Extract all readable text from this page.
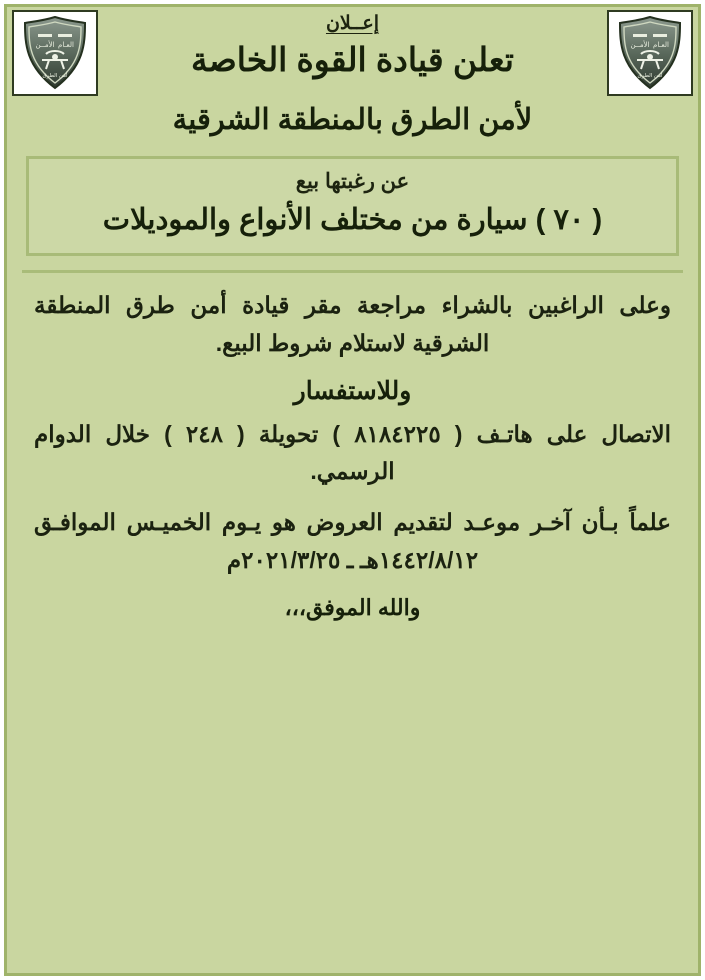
الأمــن العـام
أمن الطرق
إعــلان
تعلن قيادة القوة الخاصة
الأمــن العـام
أمن الطرق
لأمن الطرق بالمنطقة الشرقية
عن رغبتها بيع
( ٧٠ ) سيارة من مختلف الأنواع والموديلات

وعلى الراغبين بالشراء مراجعة مقر قيادة أمن طرق المنطقة الشرقية لاستلام شروط البيع.

وللاستفسار

الاتصال على هاتـف ( ٨١٨٤٢٢٥ ) تحويلة ( ٢٤٨ ) خلال الدوام الرسمي.

علماً بـأن آخـر موعـد لتقديم العروض هو يـوم الخميـس الموافـق ١٤٤٢/٨/١٢هـ ـ ٢٠٢١/٣/٢٥م

والله الموفق،،،
